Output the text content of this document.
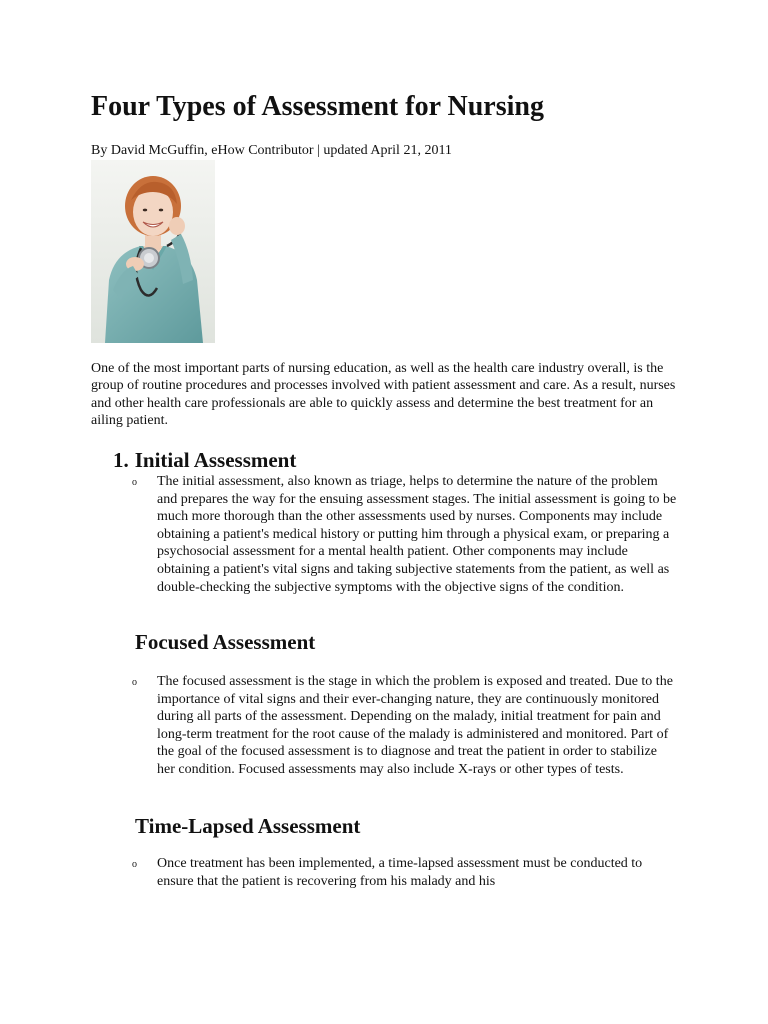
Four Types of Assessment for Nursing

By David McGuffin, eHow Contributor | updated April 21, 2011

One of the most important parts of nursing education, as well as the health care industry overall, is the group of routine procedures and processes involved with patient assessment and care. As a result, nurses and other health care professionals are able to quickly assess and determine the best treatment for an ailing patient.

1. Initial Assessment
o The initial assessment, also known as triage, helps to determine the nature of the problem and prepares the way for the ensuing assessment stages. The initial assessment is going to be much more thorough than the other assessments used by nurses. Components may include obtaining a patient's medical history or putting him through a physical exam, or preparing a psychosocial assessment for a mental health patient. Other components may include obtaining a patient's vital signs and taking subjective statements from the patient, as well as double-checking the subjective symptoms with the objective signs of the condition.

Focused Assessment
o The focused assessment is the stage in which the problem is exposed and treated. Due to the importance of vital signs and their ever-changing nature, they are continuously monitored during all parts of the assessment. Depending on the malady, initial treatment for pain and long-term treatment for the root cause of the malady is administered and monitored. Part of the goal of the focused assessment is to diagnose and treat the patient in order to stabilize her condition. Focused assessments may also include X-rays or other types of tests.

Time-Lapsed Assessment
o Once treatment has been implemented, a time-lapsed assessment must be conducted to ensure that the patient is recovering from his malady and his
